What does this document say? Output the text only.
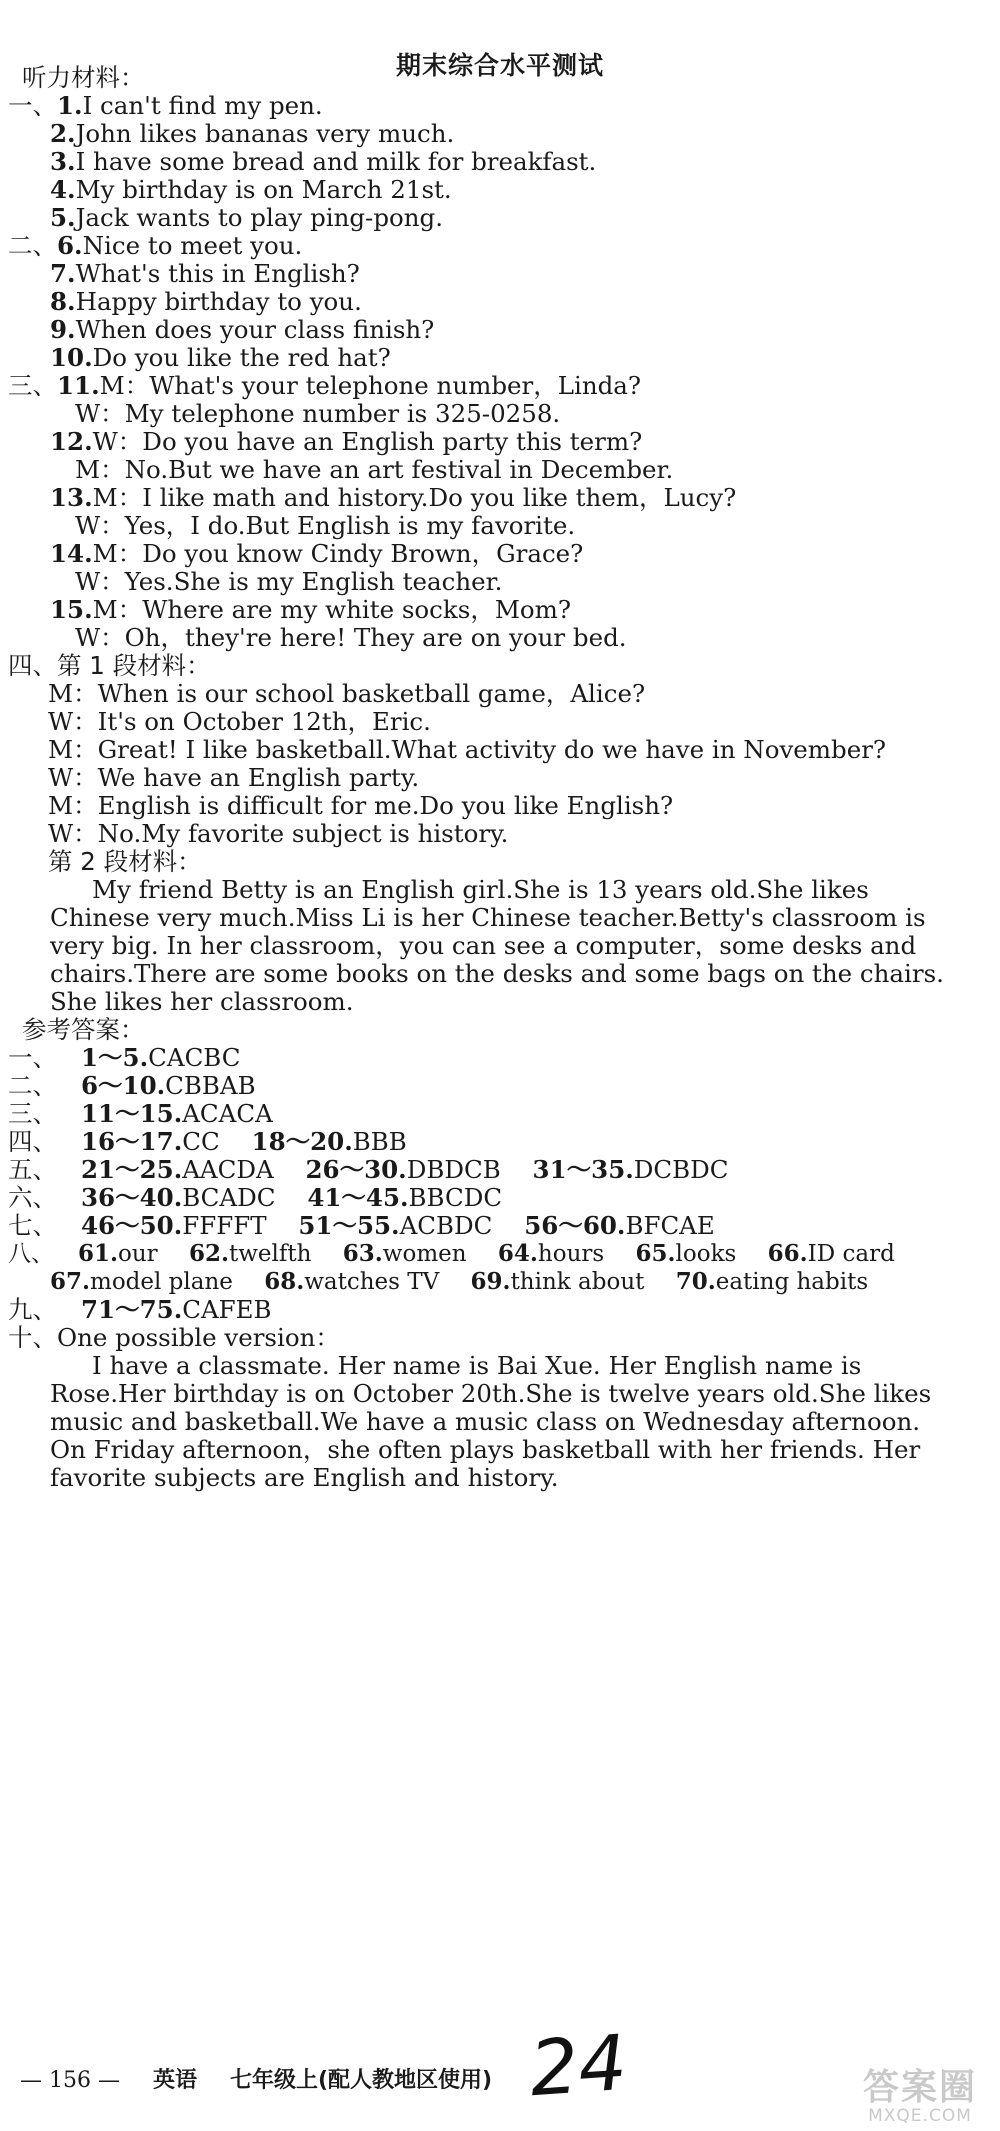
期末综合水平测试
听力材料：
一、1.I can't find my pen.
2.John likes bananas very much.
3.I have some bread and milk for breakfast.
4.My birthday is on March 21st.
5.Jack wants to play ping-pong.
二、6.Nice to meet you.
7.What's this in English?
8.Happy birthday to you.
9.When does your class finish?
10.Do you like the red hat?
三、11.M：What's your telephone number，Linda?
W：My telephone number is 325-0258.
12.W：Do you have an English party this term?
M：No.But we have an art festival in December.
13.M：I like math and history.Do you like them，Lucy?
W：Yes，I do.But English is my favorite.
14.M：Do you know Cindy Brown，Grace?
W：Yes.She is my English teacher.
15.M：Where are my white socks，Mom?
W：Oh，they're here! They are on your bed.
四、第 1 段材料：
M：When is our school basketball game，Alice?
W：It's on October 12th，Eric.
M：Great! I like basketball.What activity do we have in November?
W：We have an English party.
M：English is difficult for me.Do you like English?
W：No.My favorite subject is history.
第 2 段材料：
My friend Betty is an English girl.She is 13 years old.She likes
Chinese very much.Miss Li is her Chinese teacher.Betty's classroom is
very big. In her classroom，you can see a computer，some desks and
chairs.There are some books on the desks and some bags on the chairs.
She likes her classroom.
参考答案：
一、 1～5.CACBC
二、 6～10.CBBAB
三、 11～15.ACACA
四、 16～17.CC 18～20.BBB
五、 21～25.AACDA 26～30.DBDCB 31～35.DCBDC
六、 36～40.BCADC 41～45.BBCDC
七、 46～50.FFFFT 51～55.ACBDC 56～60.BFCAE
八、 61.our 62.twelfth 63.women 64.hours 65.looks 66.ID card
67.model plane 68.watches TV 69.think about 70.eating habits
九、 71～75.CAFEB
十、One possible version：
I have a classmate. Her name is Bai Xue. Her English name is
Rose.Her birthday is on October 20th.She is twelve years old.She likes
music and basketball.We have a music class on Wednesday afternoon.
On Friday afternoon，she often plays basketball with her friends. Her
favorite subjects are English and history.
— 156 — 英语 七年级上(配人教地区使用) 24	答案圈
MXQE.COM
